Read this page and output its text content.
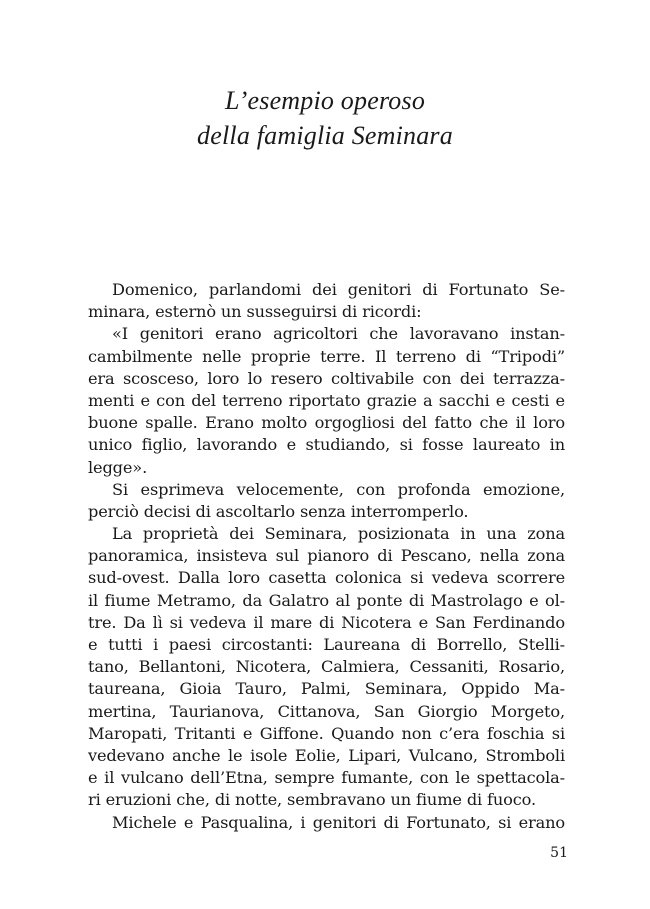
L’esempio operoso
della famiglia Seminara
Domenico, parlandomi dei genitori di Fortunato Se-
minara, esternò un susseguirsi di ricordi:
«I genitori erano agricoltori che lavoravano instan-
cambilmente nelle proprie terre. Il terreno di “Tripodi”
era scosceso, loro lo resero coltivabile con dei terrazza-
menti e con del terreno riportato grazie a sacchi e cesti e
buone spalle. Erano molto orgogliosi del fatto che il loro
unico figlio, lavorando e studiando, si fosse laureato in
legge».
Si esprimeva velocemente, con profonda emozione,
perciò decisi di ascoltarlo senza interromperlo.
La proprietà dei Seminara, posizionata in una zona
panoramica, insisteva sul pianoro di Pescano, nella zona
sud-ovest. Dalla loro casetta colonica si vedeva scorrere
il fiume Metramo, da Galatro al ponte di Mastrolago e ol-
tre. Da lì si vedeva il mare di Nicotera e San Ferdinando
e tutti i paesi circostanti: Laureana di Borrello, Stelli-
tano, Bellantoni, Nicotera, Calmiera, Cessaniti, Rosario,
taureana, Gioia Tauro, Palmi, Seminara, Oppido Ma-
mertina, Taurianova, Cittanova, San Giorgio Morgeto,
Maropati, Tritanti e Giffone. Quando non c’era foschia si
vedevano anche le isole Eolie, Lipari, Vulcano, Stromboli
e il vulcano dell’Etna, sempre fumante, con le spettacola-
ri eruzioni che, di notte, sembravano un fiume di fuoco.
Michele e Pasqualina, i genitori di Fortunato, si erano
51
